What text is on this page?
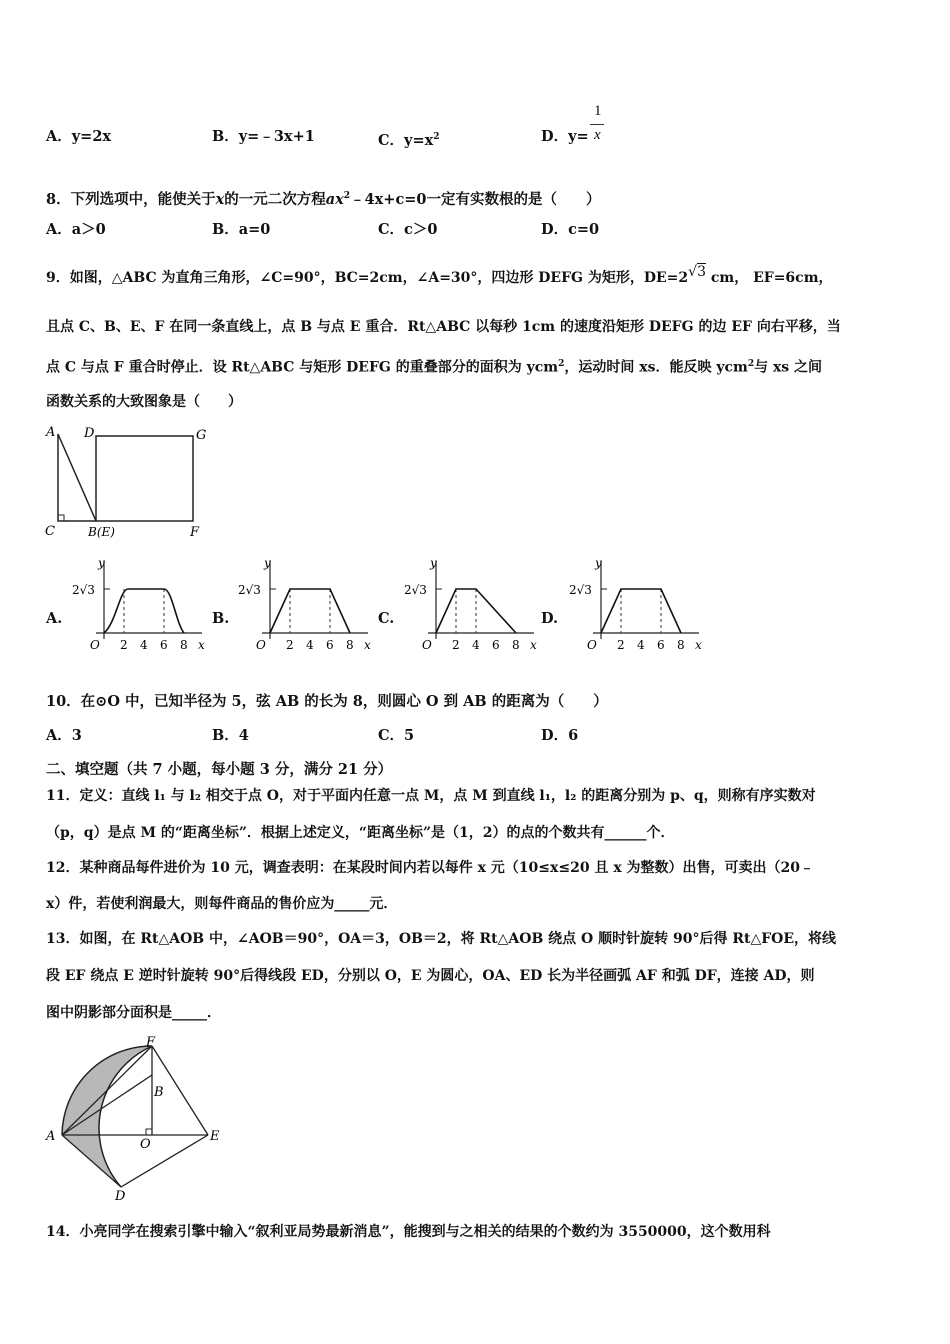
A．y=2x	B．y=﹣3x+1	C．$y=x^2$	D．y=
1
x
8．下列选项中，能使关于x的一元二次方程$ax^2﹣4x+c=0$一定有实数根的是（　　）
A．a＞0	B．a=0	C．c＞0	D．c=0
9．如图，△ABC 为直角三角形，∠C=90°，BC=2cm，∠A=30°，四边形 DEFG 为矩形，DE=2√3 cm， EF=6cm，
且点 C、B、E、F 在同一条直线上，点 B 与点 E 重合．Rt△ABC 以每秒 1cm 的速度沿矩形 DEFG 的边 EF 向右平移，当
点 C 与点 F 重合时停止．设 Rt△ABC 与矩形 DEFG 的重叠部分的面积为 ycm$^2$，运动时间 xs．能反映 ycm$^2$与 xs 之间
函数关系的大致图象是（　　）
A D	G
C	B(E)	F
A.	B.	C.	D.
y
x
O
2√3
2 4 6 8
y
x
O
2√3
2 4 6 8
y
x
O
2√3
2 4 6 8
y
x
O
2√3
2 4 6 8
10．在⊙O 中，已知半径为 5，弦 AB 的长为 8，则圆心 O 到 AB 的距离为（　　）
A．3	B．4	C．5	D．6
二、填空题（共 7 小题，每小题 3 分，满分 21 分）
11．定义：直线 l₁ 与 l₂ 相交于点 O，对于平面内任意一点 M，点 M 到直线 l₁，l₂ 的距离分别为 p、q，则称有序实数对
（p，q）是点 M 的“距离坐标”．根据上述定义，“距离坐标”是（1，2）的点的个数共有______个．
12．某种商品每件进价为 10 元，调查表明：在某段时间内若以每件 x 元（10≤x≤20 且 x 为整数）出售，可卖出（20﹣
x）件，若使利润最大，则每件商品的售价应为_____元．
13．如图，在 Rt△AOB 中，∠AOB＝90°，OA＝3，OB＝2，将 Rt△AOB 绕点 O 顺时针旋转 90°后得 Rt△FOE，将线
段 EF 绕点 E 逆时针旋转 90°后得线段 ED，分别以 O，E 为圆心，OA、ED 长为半径画弧 AF 和弧 DF，连接 AD，则
图中阴影部分面积是_____．
F
B
A
O
E
D
14．小亮同学在搜索引擎中输入“叙利亚局势最新消息”，能搜到与之相关的结果的个数约为 3550000，这个数用科
